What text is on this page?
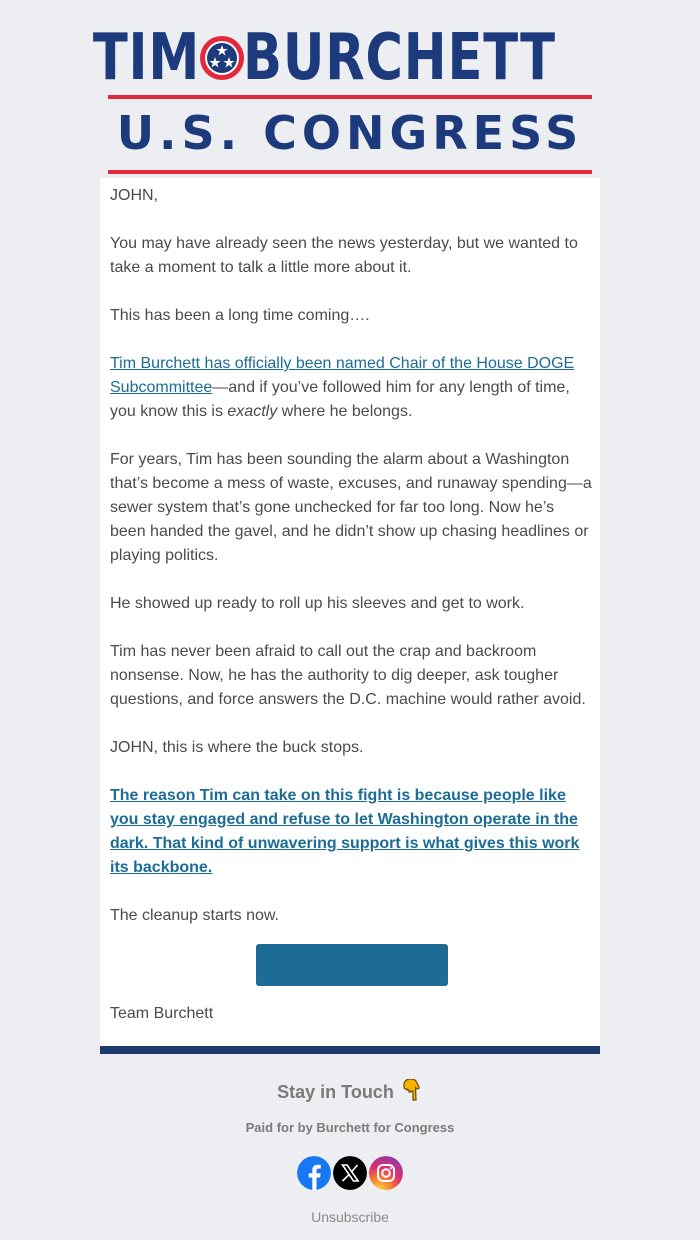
TIM BURCHETT
U.S. CONGRESS

JOHN,

You may have already seen the news yesterday, but we wanted to take a moment to talk a little more about it.

This has been a long time coming….

Tim Burchett has officially been named Chair of the House DOGE Subcommittee—and if you’ve followed him for any length of time, you know this is exactly where he belongs.

For years, Tim has been sounding the alarm about a Washington that’s become a mess of waste, excuses, and runaway spending—a sewer system that’s gone unchecked for far too long. Now he’s been handed the gavel, and he didn’t show up chasing headlines or playing politics.

He showed up ready to roll up his sleeves and get to work.

Tim has never been afraid to call out the crap and backroom nonsense. Now, he has the authority to dig deeper, ask tougher questions, and force answers the D.C. machine would rather avoid.

JOHN, this is where the buck stops.

The reason Tim can take on this fight is because people like you stay engaged and refuse to let Washington operate in the dark. That kind of unwavering support is what gives this work its backbone.

The cleanup starts now.

Tell Tim Congrats!

Team Burchett

Stay in Touch
Paid for by Burchett for Congress
Unsubscribe
